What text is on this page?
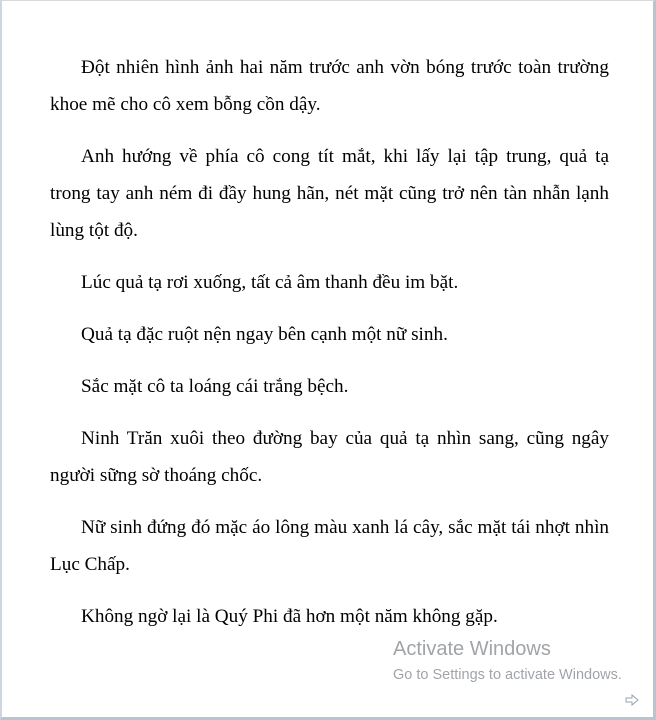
Đột nhiên hình ảnh hai năm trước anh vờn bóng trước toàn trường khoe mẽ cho cô xem bỗng cồn dậy.

Anh hướng về phía cô cong tít mắt, khi lấy lại tập trung, quả tạ trong tay anh ném đi đầy hung hãn, nét mặt cũng trở nên tàn nhẫn lạnh lùng tột độ.

Lúc quả tạ rơi xuống, tất cả âm thanh đều im bặt.

Quả tạ đặc ruột nện ngay bên cạnh một nữ sinh.

Sắc mặt cô ta loáng cái trắng bệch.

Ninh Trăn xuôi theo đường bay của quả tạ nhìn sang, cũng ngây người sững sờ thoáng chốc.

Nữ sinh đứng đó mặc áo lông màu xanh lá cây, sắc mặt tái nhợt nhìn Lục Chấp.

Không ngờ lại là Quý Phi đã hơn một năm không gặp.

Activate Windows
Go to Settings to activate Windows.
